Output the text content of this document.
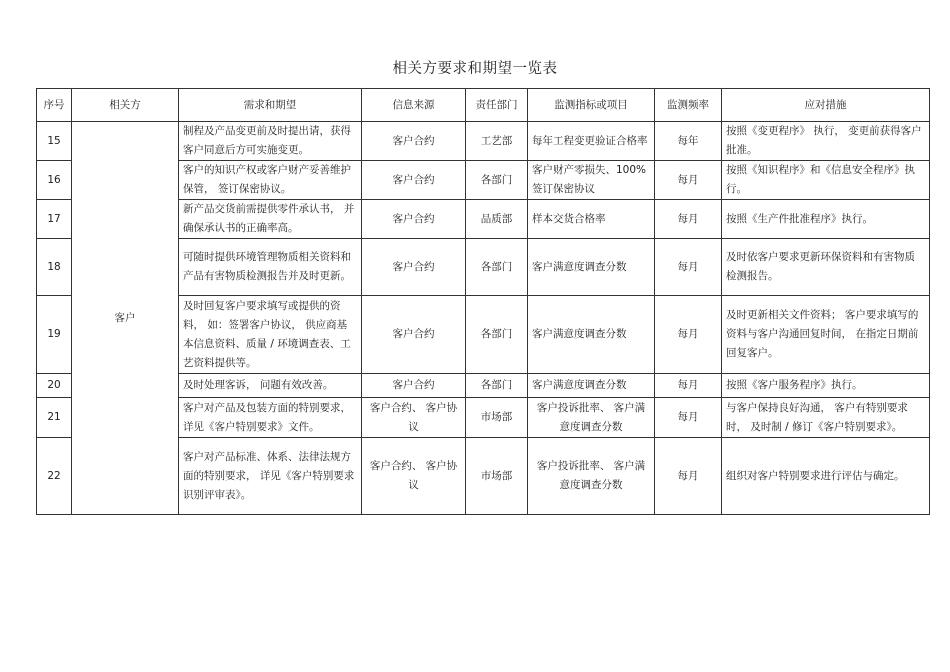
相关方要求和期望一览表
序号	相关方	需求和期望	信息来源	责任部门	监测指标或项目	监测频率	应对措施
15	客户	制程及产品变更前及时提出请，获得客户同意后方可实施变更。	客户合约	工艺部	每年工程变更验证合格率	每年	按照《变更程序》 执行， 变更前获得客户批准。
16		客户的知识产权或客户财产妥善维护保管， 签订保密协议。	客户合约	各部门	客户财产零损失、100%签订保密协议	每月	按照《知识程序》和《信息安全程序》执行。
17		新产品交货前需提供零件承认书， 并确保承认书的正确率高。	客户合约	品质部	样本交货合格率	每月	按照《生产件批准程序》执行。
18		可随时提供环境管理物质相关资料和产品有害物质检测报告并及时更新。	客户合约	各部门	客户满意度调查分数	每月	及时依客户要求更新环保资料和有害物质检测报告。
19		及时回复客户要求填写或提供的资料， 如：签署客户协议， 供应商基本信息资料、质量 / 环境调查表、工艺资料提供等。	客户合约	各部门	客户满意度调查分数	每月	及时更新相关文件资料； 客户要求填写的资料与客户沟通回复时间， 在指定日期前回复客户。
20		及时处理客诉， 问题有效改善。	客户合约	各部门	客户满意度调查分数	每月	按照《客户服务程序》执行。
21		客户对产品及包装方面的特别要求， 详见《客户特别要求》文件。	客户合约、 客户协议	市场部	客户投诉批率、 客户满意度调查分数	每月	与客户保持良好沟通， 客户有特别要求时， 及时制 / 修订《客户特别要求》。
22		客户对产品标准、体系、法律法规方面的特别要求， 详见《客户特别要求识别评审表》。	客户合约、 客户协议	市场部	客户投诉批率、 客户满意度调查分数	每月	组织对客户特别要求进行评估与确定。
